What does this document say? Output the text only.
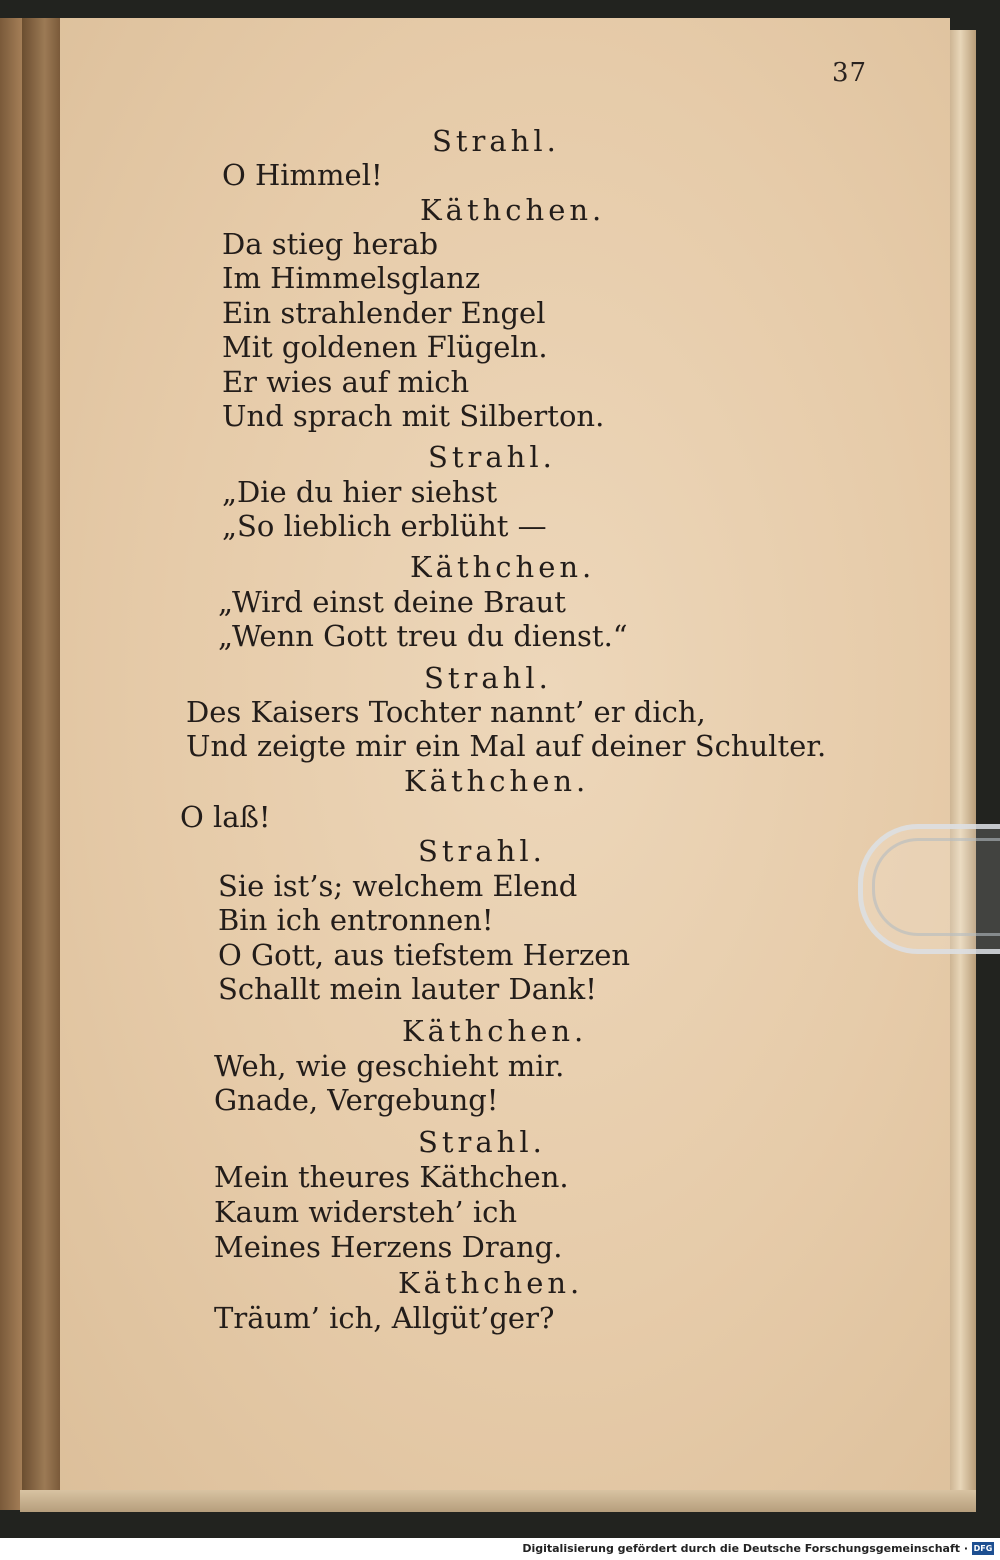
37

Strahl.

O Himmel!

Käthchen.

Da stieg herab

Im Himmelsglanz

Ein strahlender Engel

Mit goldenen Flügeln.

Er wies auf mich

Und sprach mit Silberton.

Strahl.

„Die du hier siehst

„So lieblich erblüht —

Käthchen.

„Wird einst deine Braut

„Wenn Gott treu du dienst.“

Strahl.

Des Kaisers Tochter nannt’ er dich,

Und zeigte mir ein Mal auf deiner Schulter.

Käthchen.

O laß!

Strahl.

Sie ist’s; welchem Elend

Bin ich entronnen!

O Gott, aus tiefstem Herzen

Schallt mein lauter Dank!

Käthchen.

Weh, wie geschieht mir.

Gnade, Vergebung!

Strahl.

Mein theures Käthchen.

Kaum widersteh’ ich

Meines Herzens Drang.

Käthchen.

Träum’ ich, Allgüt’ger?

Digitalisierung gefördert durch die Deutsche Forschungsgemeinschaft · DFG
